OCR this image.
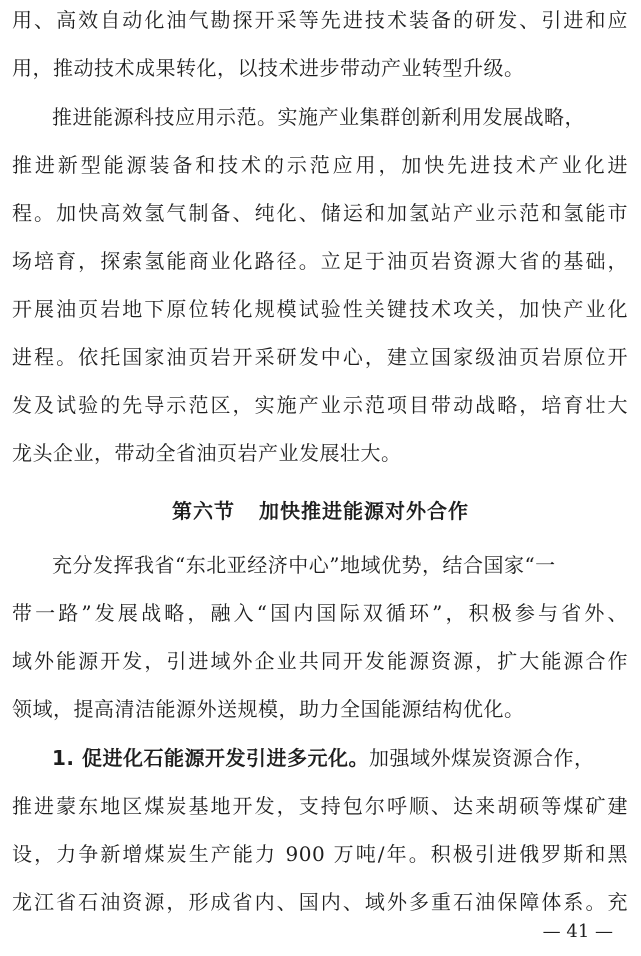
用、高效自动化油气勘探开采等先进技术装备的研发、引进和应
用，推动技术成果转化，以技术进步带动产业转型升级。
推进能源科技应用示范。实施产业集群创新利用发展战略，
推进新型能源装备和技术的示范应用，加快先进技术产业化进
程。加快高效氢气制备、纯化、储运和加氢站产业示范和氢能市
场培育，探索氢能商业化路径。立足于油页岩资源大省的基础，
开展油页岩地下原位转化规模试验性关键技术攻关，加快产业化
进程。依托国家油页岩开采研发中心，建立国家级油页岩原位开
发及试验的先导示范区，实施产业示范项目带动战略，培育壮大
龙头企业，带动全省油页岩产业发展壮大。
第六节 加快推进能源对外合作
充分发挥我省“东北亚经济中心”地域优势，结合国家“一
带一路”发展战略，融入“国内国际双循环”，积极参与省外、
域外能源开发，引进域外企业共同开发能源资源，扩大能源合作
领域，提高清洁能源外送规模，助力全国能源结构优化。
1. 促进化石能源开发引进多元化。加强域外煤炭资源合作，
推进蒙东地区煤炭基地开发，支持包尔呼顺、达来胡硕等煤矿建
设，力争新增煤炭生产能力 900 万吨/年。积极引进俄罗斯和黑
龙江省石油资源，形成省内、国内、域外多重石油保障体系。充
— 41 —
